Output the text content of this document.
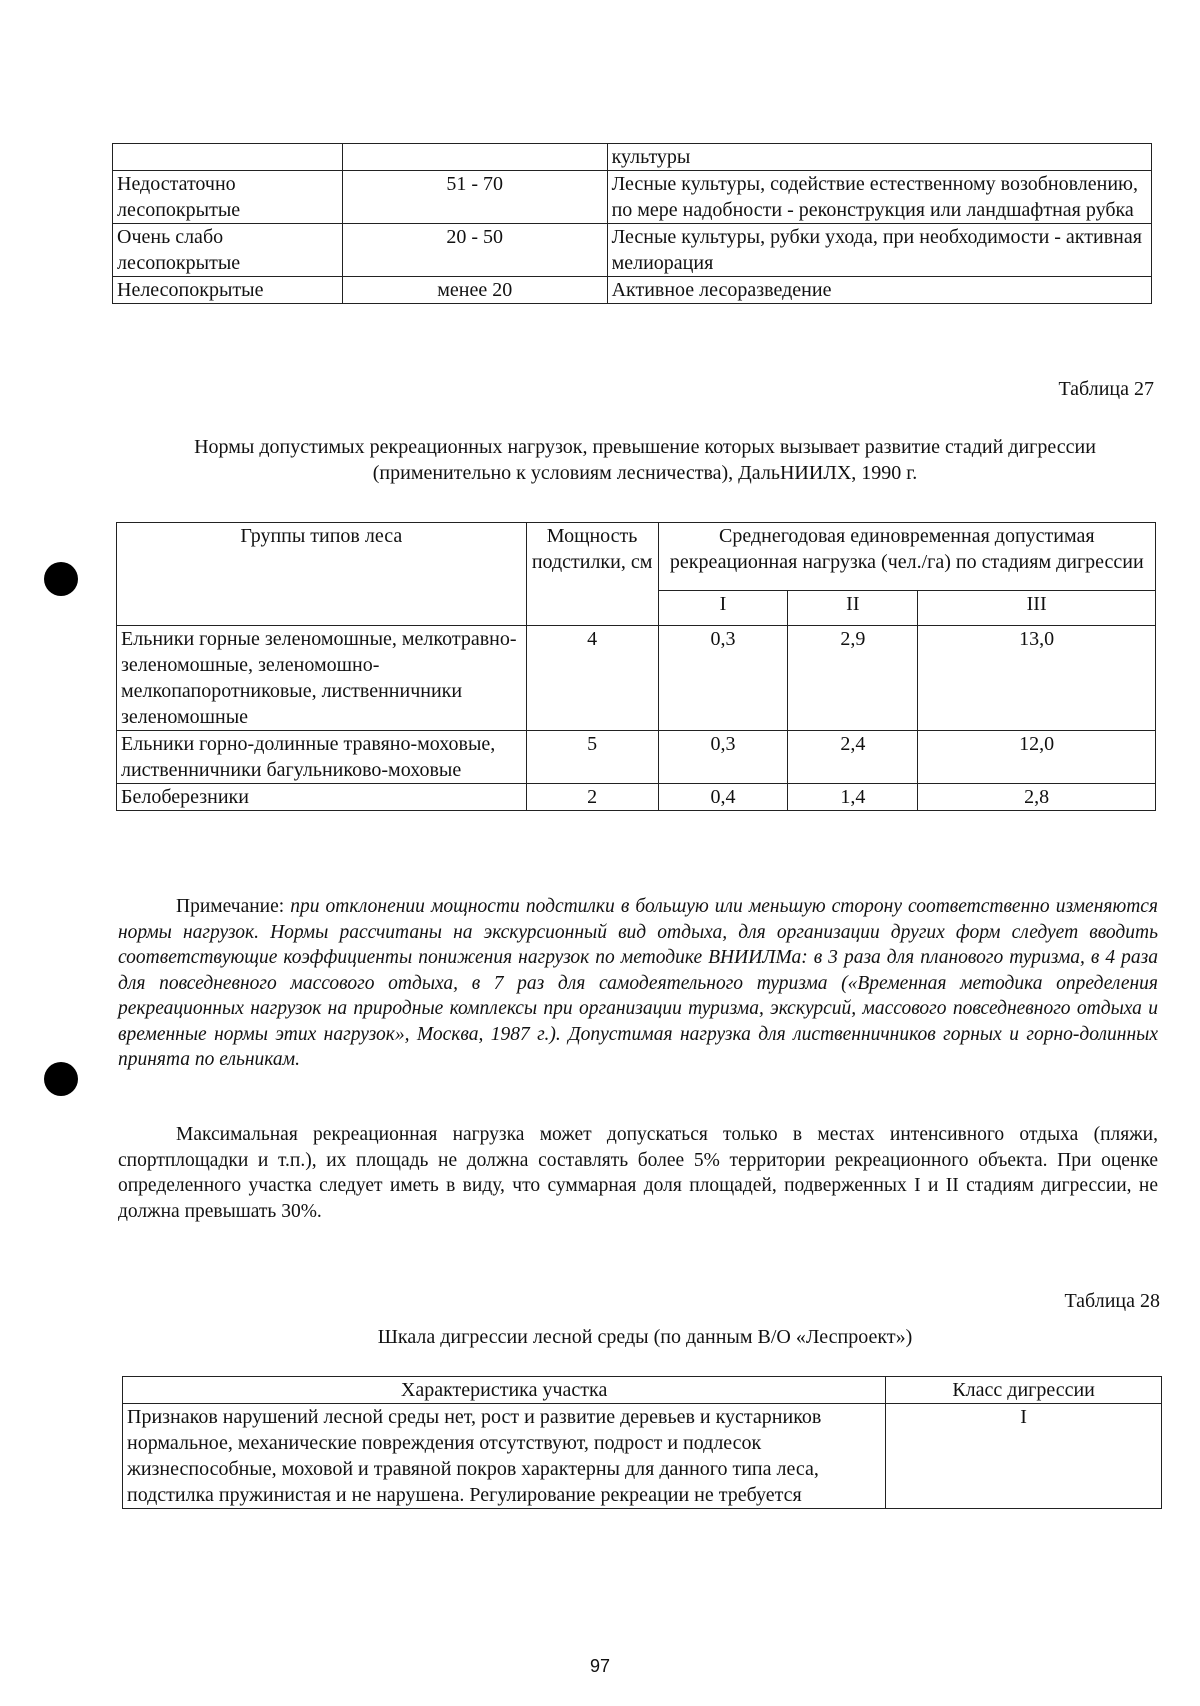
		культуры
Недостаточно лесопокрытые	51 - 70	Лесные культуры, содействие естественному возобновлению, по мере надобности - реконструкция или ландшафтная рубка
Очень слабо лесопокрытые	20 - 50	Лесные культуры, рубки ухода, при необходимости - активная мелиорация
Нелесопокрытые	менее 20	Активное лесоразведение
Таблица 27
Нормы допустимых рекреационных нагрузок, превышение которых вызывает развитие стадий дигрессии (применительно к условиям лесничества), ДальНИИЛХ, 1990 г.
Группы типов леса	Мощность подстилки, см	Среднегодовая единовременная допустимая рекреационная нагрузка (чел./га) по стадиям дигрессии		
		I	II	III
Ельники горные зеленомошные, мелкотравно-зеленомошные, зеленомошно-мелкопапоротниковые, лиственничники зеленомошные	4	0,3	2,9	13,0
Ельники горно-долинные травяно-моховые, лиственничники багульниково-моховые	5	0,3	2,4	12,0
Белоберезники	2	0,4	1,4	2,8
Примечание: при отклонении мощности подстилки в большую или меньшую сторону соответственно изменяются нормы нагрузок. Нормы рассчитаны на экскурсионный вид отдыха, для организации других форм следует вводить соответствующие коэффициенты понижения нагрузок по методике ВНИИЛМа: в 3 раза для планового туризма, в 4 раза для повседневного массового отдыха, в 7 раз для самодеятельного туризма («Временная методика определения рекреационных нагрузок на природные комплексы при организации туризма, экскурсий, массового повседневного отдыха и временные нормы этих нагрузок», Москва, 1987 г.). Допустимая нагрузка для лиственничников горных и горно-долинных принята по ельникам.
Максимальная рекреационная нагрузка может допускаться только в местах интенсивного отдыха (пляжи, спортплощадки и т.п.), их площадь не должна составлять более 5% территории рекреационного объекта. При оценке определенного участка следует иметь в виду, что суммарная доля площадей, подверженных I и II стадиям дигрессии, не должна превышать 30%.
Таблица 28
Шкала дигрессии лесной среды (по данным В/О «Леспроект»)
Характеристика участка	Класс дигрессии
Признаков нарушений лесной среды нет, рост и развитие деревьев и кустарников нормальное, механические повреждения отсутствуют, подрост и подлесок жизнеспособные, моховой и травяной покров характерны для данного типа леса, подстилка пружинистая и не нарушена. Регулирование рекреации не требуется	I
97
